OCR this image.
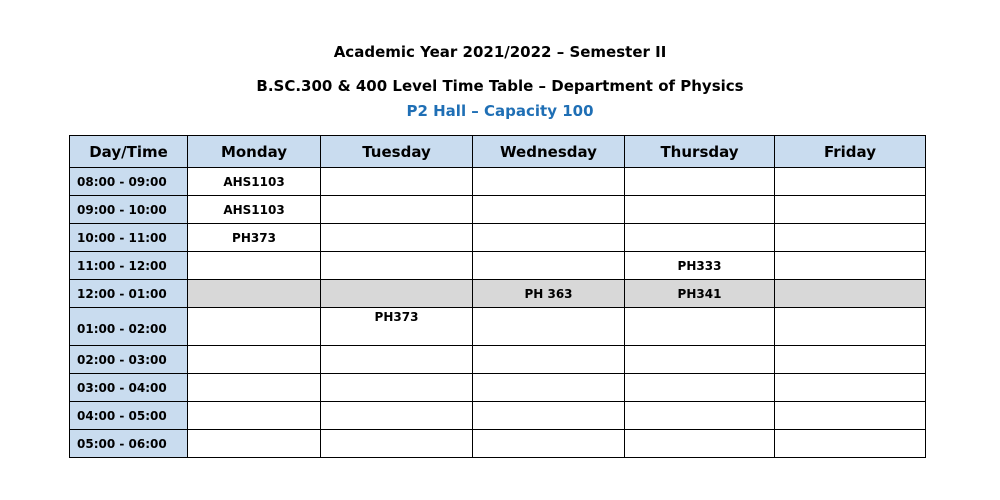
Academic Year 2021/2022 – Semester II
B.SC.300 & 400 Level Time Table – Department of Physics
P2 Hall – Capacity 100
Day/Time	Monday	Tuesday	Wednesday	Thursday	Friday
08:00 - 09:00	AHS1103				
09:00 - 10:00	AHS1103				
10:00 - 11:00	PH373				
11:00 - 12:00				PH333	
12:00 - 01:00			PH 363	PH341	
01:00 - 02:00		PH373			
02:00 - 03:00					
03:00 - 04:00					
04:00 - 05:00					
05:00 - 06:00					
